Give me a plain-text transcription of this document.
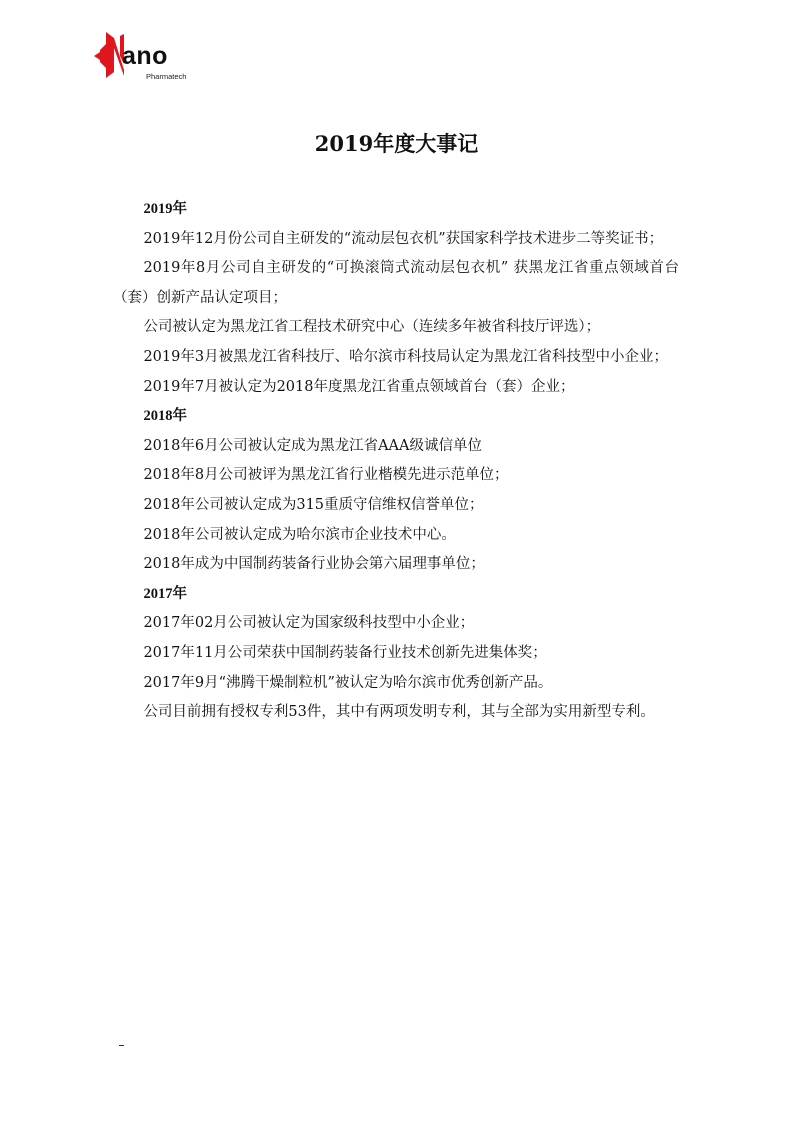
ano
Pharmatech
2019年度大事记

2019年

2019年12月份公司自主研发的“流动层包衣机”获国家科学技术进步二等奖证书；

2019年8月公司自主研发的“可换滚筒式流动层包衣机” 获黑龙江省重点领域首台（套）创新产品认定项目；

公司被认定为黑龙江省工程技术研究中心（连续多年被省科技厅评选）；

2019年3月被黑龙江省科技厅、哈尔滨市科技局认定为黑龙江省科技型中小企业；

2019年7月被认定为2018年度黑龙江省重点领域首台（套）企业；

2018年

2018年6月公司被认定成为黑龙江省AAA级诚信单位

2018年8月公司被评为黑龙江省行业楷模先进示范单位；

2018年公司被认定成为315重质守信维权信誉单位；

2018年公司被认定成为哈尔滨市企业技术中心。

2018年成为中国制药装备行业协会第六届理事单位；

2017年

2017年02月公司被认定为国家级科技型中小企业；

2017年11月公司荣获中国制药装备行业技术创新先进集体奖；

2017年9月“沸腾干燥制粒机”被认定为哈尔滨市优秀创新产品。

公司目前拥有授权专利53件，其中有两项发明专利，其与全部为实用新型专利。
